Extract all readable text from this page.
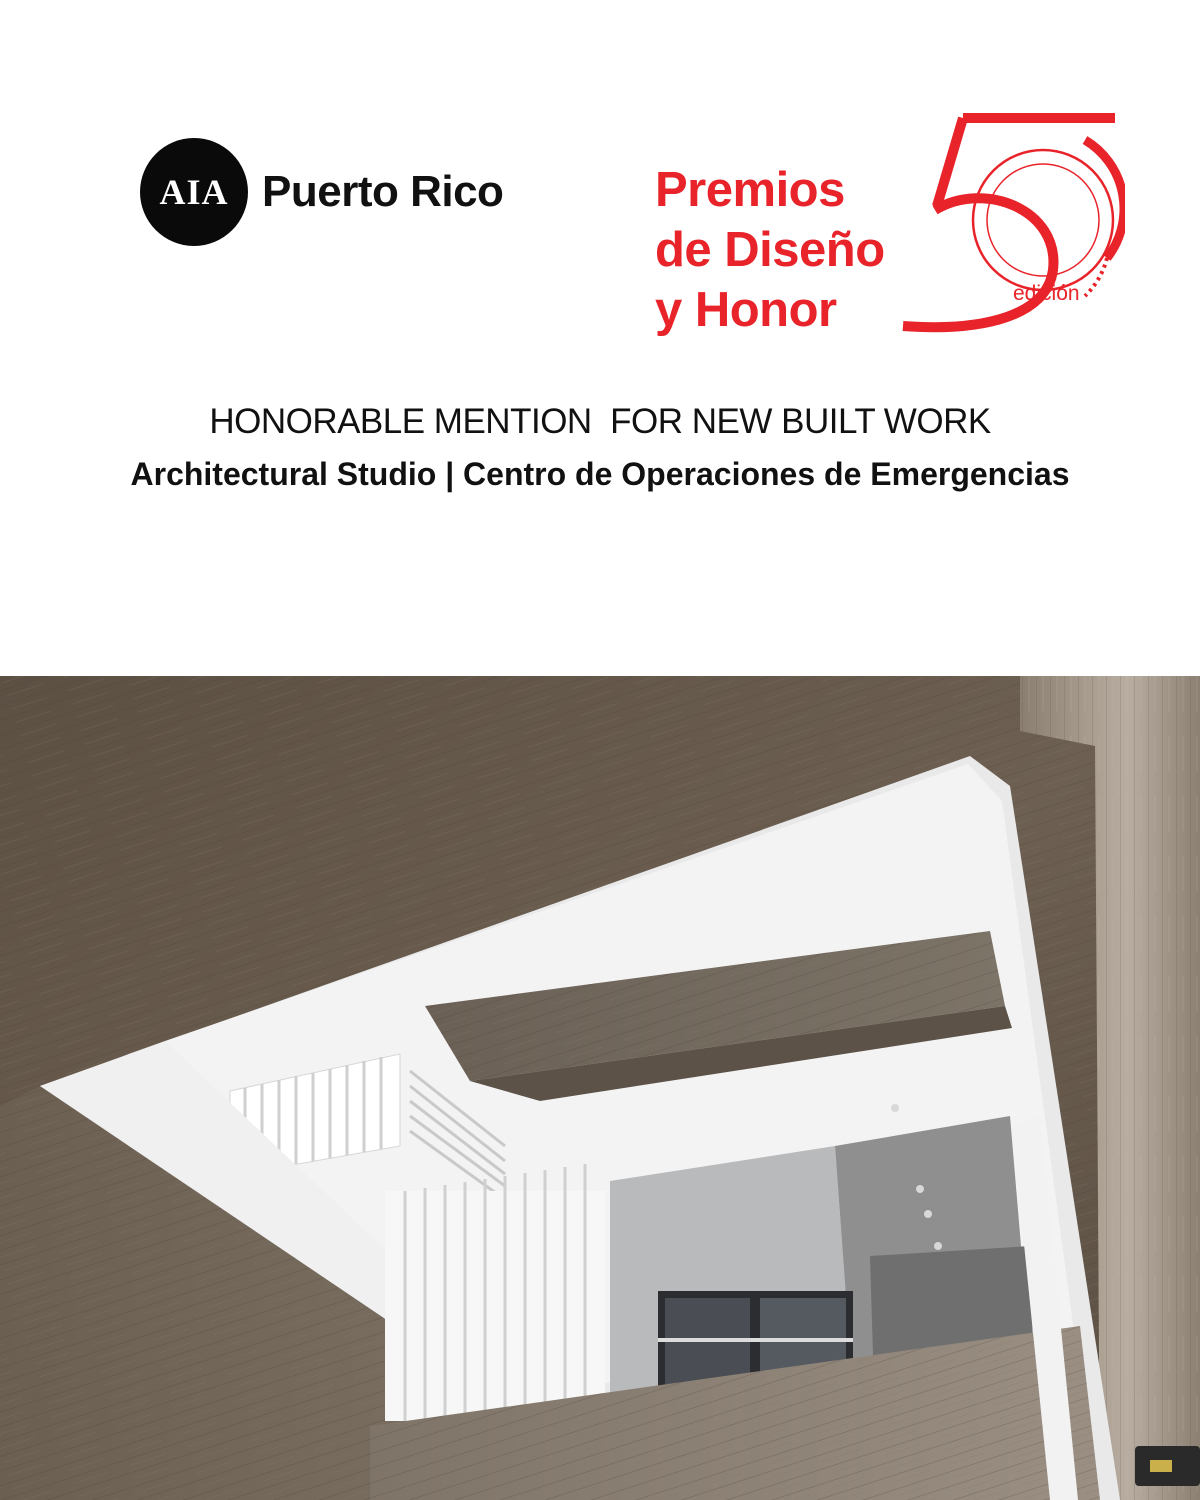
AIA Puerto Rico	Premios
de Diseño
y Honor	edición
HONORABLE MENTION  FOR NEW BUILT WORK
Architectural Studio | Centro de Operaciones de Emergencias
